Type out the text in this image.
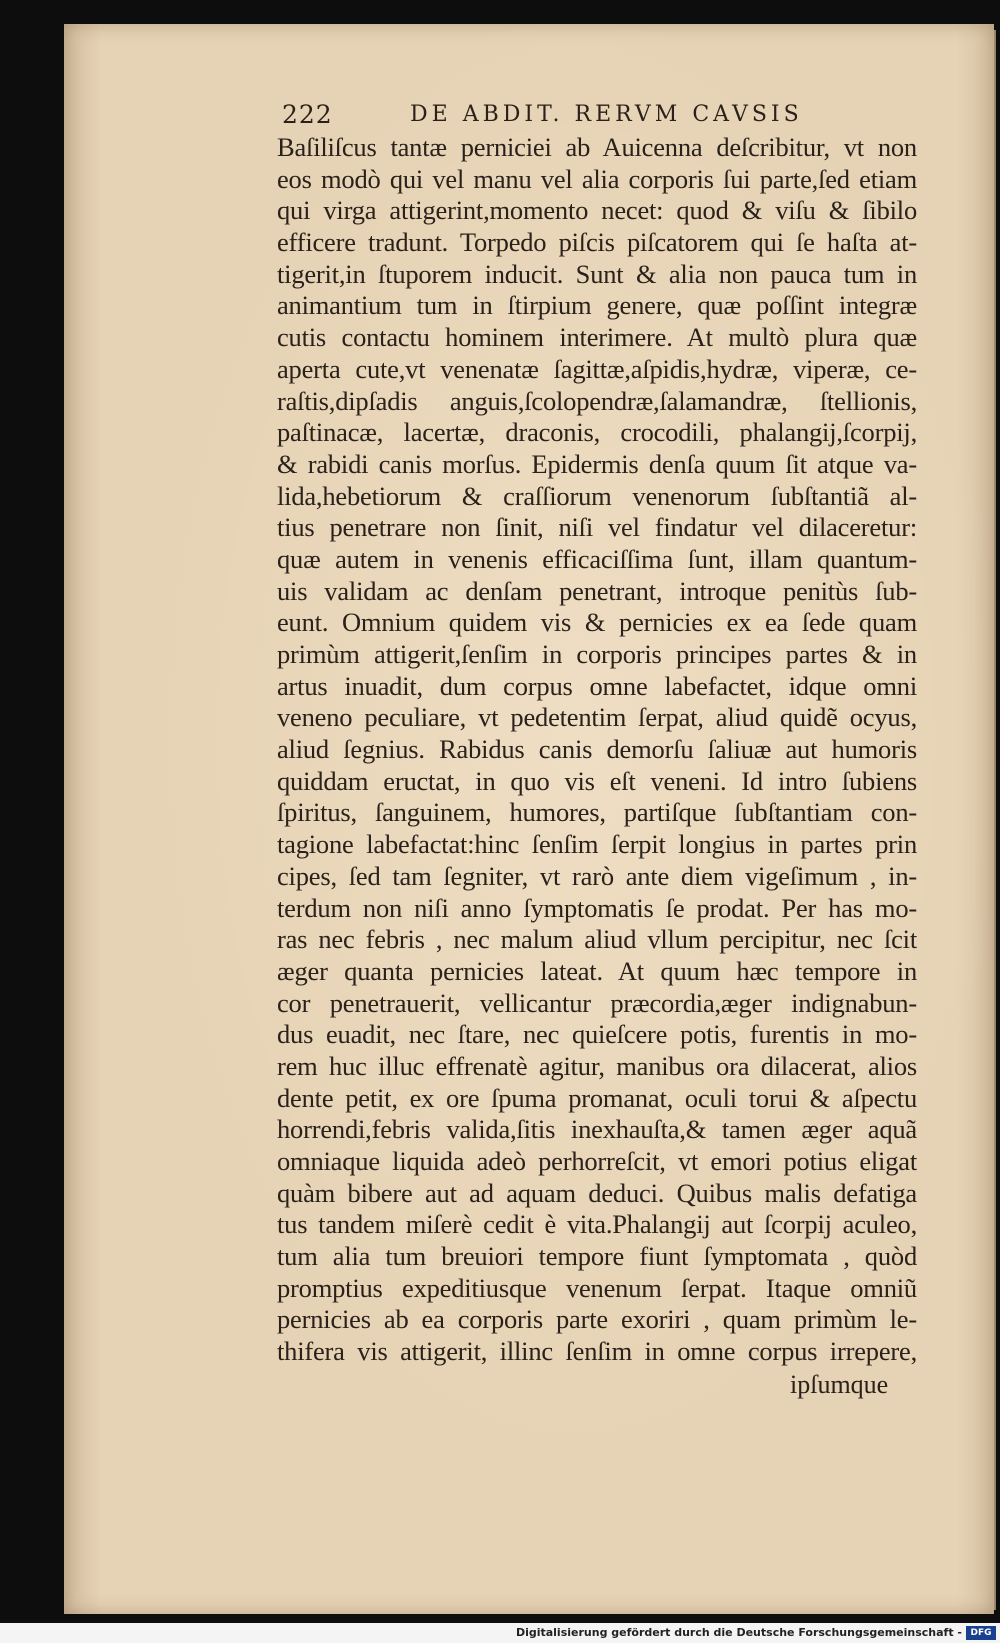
222	DE ABDIT. RERVM CAVSIS
Baſiliſcus tantæ perniciei ab Auicenna deſcribitur, vt non
eos modò qui vel manu vel alia corporis ſui parte,ſed etiam
qui virga attigerint,momento necet: quod & viſu & ſibilo
efficere tradunt. Torpedo piſcis piſcatorem qui ſe haſta at-
tigerit,in ſtuporem inducit. Sunt & alia non pauca tum in
animantium tum in ſtirpium genere, quæ poſſint integræ
cutis contactu hominem interimere. At multò plura quæ
aperta cute,vt venenatæ ſagittæ,aſpidis,hydræ, viperæ, ce-
raſtis,dipſadis anguis,ſcolopendræ,ſalamandræ, ſtellionis,
paſtinacæ, lacertæ, draconis, crocodili, phalangij,ſcorpij,
& rabidi canis morſus. Epidermis denſa quum ſit atque va-
lida,hebetiorum & craſſiorum venenorum ſubſtantiã al-
tius penetrare non ſinit, niſi vel findatur vel dilaceretur:
quæ autem in venenis efficaciſſima ſunt, illam quantum-
uis validam ac denſam penetrant, introque penitùs ſub-
eunt. Omnium quidem vis & pernicies ex ea ſede quam
primùm attigerit,ſenſim in corporis principes partes & in
artus inuadit, dum corpus omne labefactet, idque omni
veneno peculiare, vt pedetentim ſerpat, aliud quidẽ ocyus,
aliud ſegnius. Rabidus canis demorſu ſaliuæ aut humoris
quiddam eructat, in quo vis eſt veneni. Id intro ſubiens
ſpiritus, ſanguinem, humores, partiſque ſubſtantiam con-
tagione labefactat:hinc ſenſim ſerpit longius in partes prin
cipes, ſed tam ſegniter, vt rarò ante diem vigeſimum , in-
terdum non niſi anno ſymptomatis ſe prodat. Per has mo-
ras nec febris , nec malum aliud vllum percipitur, nec ſcit
æger quanta pernicies lateat. At quum hæc tempore in
cor penetrauerit, vellicantur præcordia,æger indignabun-
dus euadit, nec ſtare, nec quieſcere potis, furentis in mo-
rem huc illuc effrenatè agitur, manibus ora dilacerat, alios
dente petit, ex ore ſpuma promanat, oculi torui & aſpectu
horrendi,febris valida,ſitis inexhauſta,& tamen æger aquã
omniaque liquida adeò perhorreſcit, vt emori potius eligat
quàm bibere aut ad aquam deduci. Quibus malis defatiga
tus tandem miſerè cedit è vita.Phalangij aut ſcorpij aculeo,
tum alia tum breuiori tempore fiunt ſymptomata , quòd
promptius expeditiusque venenum ſerpat. Itaque omniũ
pernicies ab ea corporis parte exoriri , quam primùm le-
thifera vis attigerit, illinc ſenſim in omne corpus irrepere,
ipſumque
Digitalisierung gefördert durch die Deutsche Forschungsgemeinschaft - DFG
